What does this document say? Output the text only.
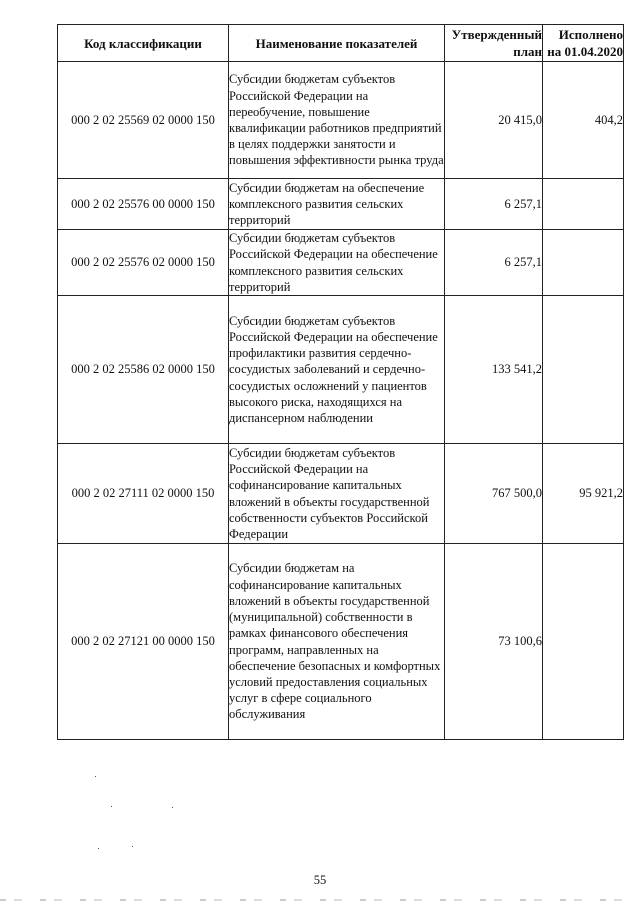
Код классификации	Наименование показателей	Утвержденный план	Исполнено на 01.04.2020
000 2 02 25569 02 0000 150	Субсидии бюджетам субъектов Российской Федерации на переобучение, повышение квалификации работников предприятий в целях поддержки занятости и повышения эффективности рынка труда	20 415,0	404,2
000 2 02 25576 00 0000 150	Субсидии бюджетам на обеспечение комплексного развития сельских территорий	6 257,1	
000 2 02 25576 02 0000 150	Субсидии бюджетам субъектов Российской Федерации на обеспечение комплексного развития сельских территорий	6 257,1	
000 2 02 25586 02 0000 150	Субсидии бюджетам субъектов Российской Федерации на обеспечение профилактики развития сердечно-сосудистых заболеваний и сердечно-сосудистых осложнений у пациентов высокого риска, находящихся на диспансерном наблюдении	133 541,2	
000 2 02 27111 02 0000 150	Субсидии бюджетам субъектов Российской Федерации на софинансирование капитальных вложений в объекты государственной собственности субъектов Российской Федерации	767 500,0	95 921,2
000 2 02 27121 00 0000 150	Субсидии бюджетам на софинансирование капитальных вложений в объекты государственной (муниципальной) собственности в рамках финансового обеспечения программ, направленных на обеспечение безопасных и комфортных условий предоставления социальных услуг в сфере социального обслуживания	73 100,6	
55
